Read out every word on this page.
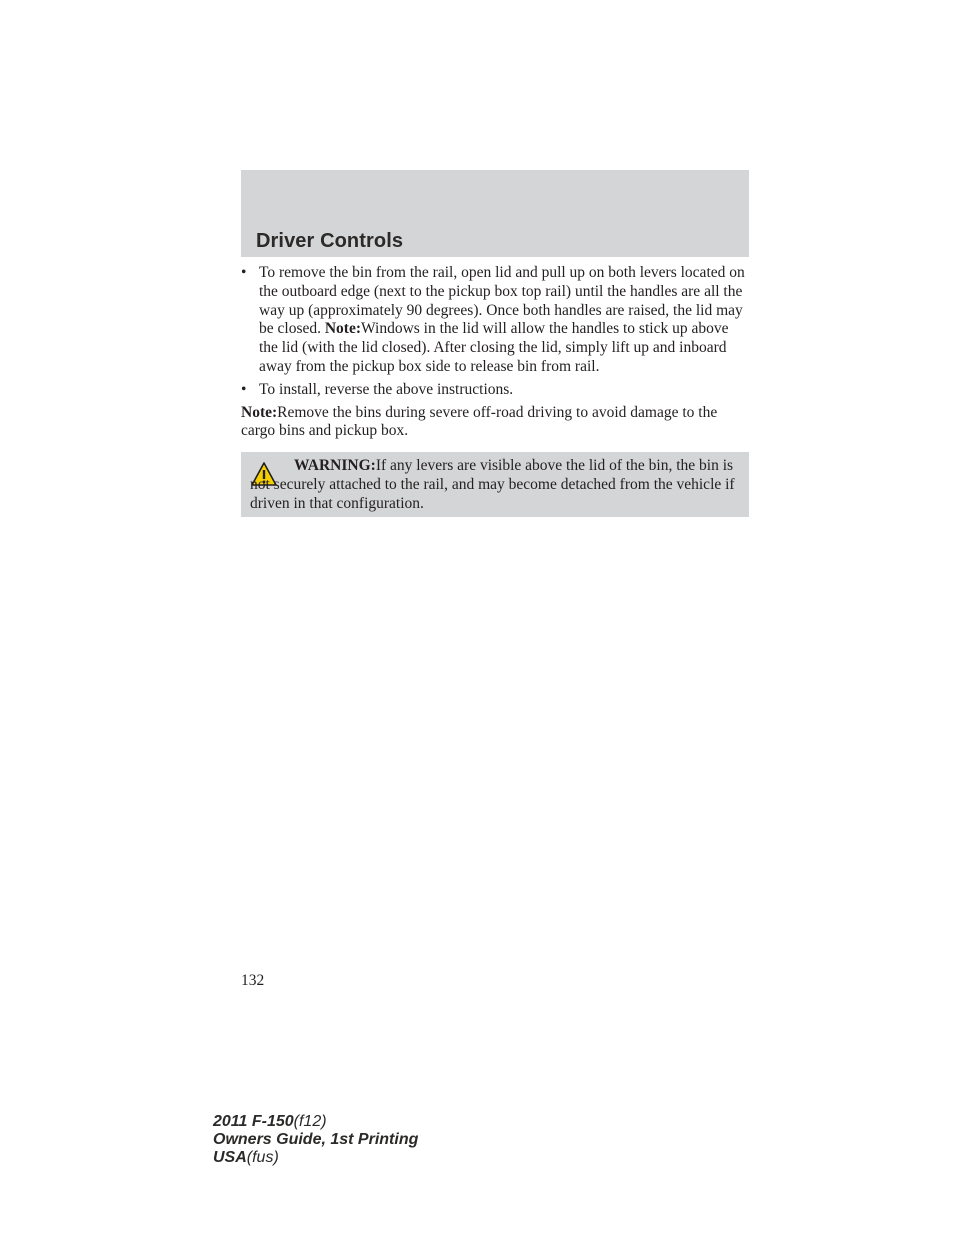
Driver Controls
• To remove the bin from the rail, open lid and pull up on both levers located on the outboard edge (next to the pickup box top rail) until the handles are all the way up (approximately 90 degrees). Once both handles are raised, the lid may be closed. Note:Windows in the lid will allow the handles to stick up above the lid (with the lid closed). After closing the lid, simply lift up and inboard away from the pickup box side to release bin from rail.
• To install, reverse the above instructions.

Note:Remove the bins during severe off-road driving to avoid damage to the cargo bins and pickup box.

WARNING:If any levers are visible above the lid of the bin, the bin is not securely attached to the rail, and may become detached from the vehicle if driven in that configuration.
132
2011 F-150(f12)
Owners Guide, 1st Printing
USA(fus)
